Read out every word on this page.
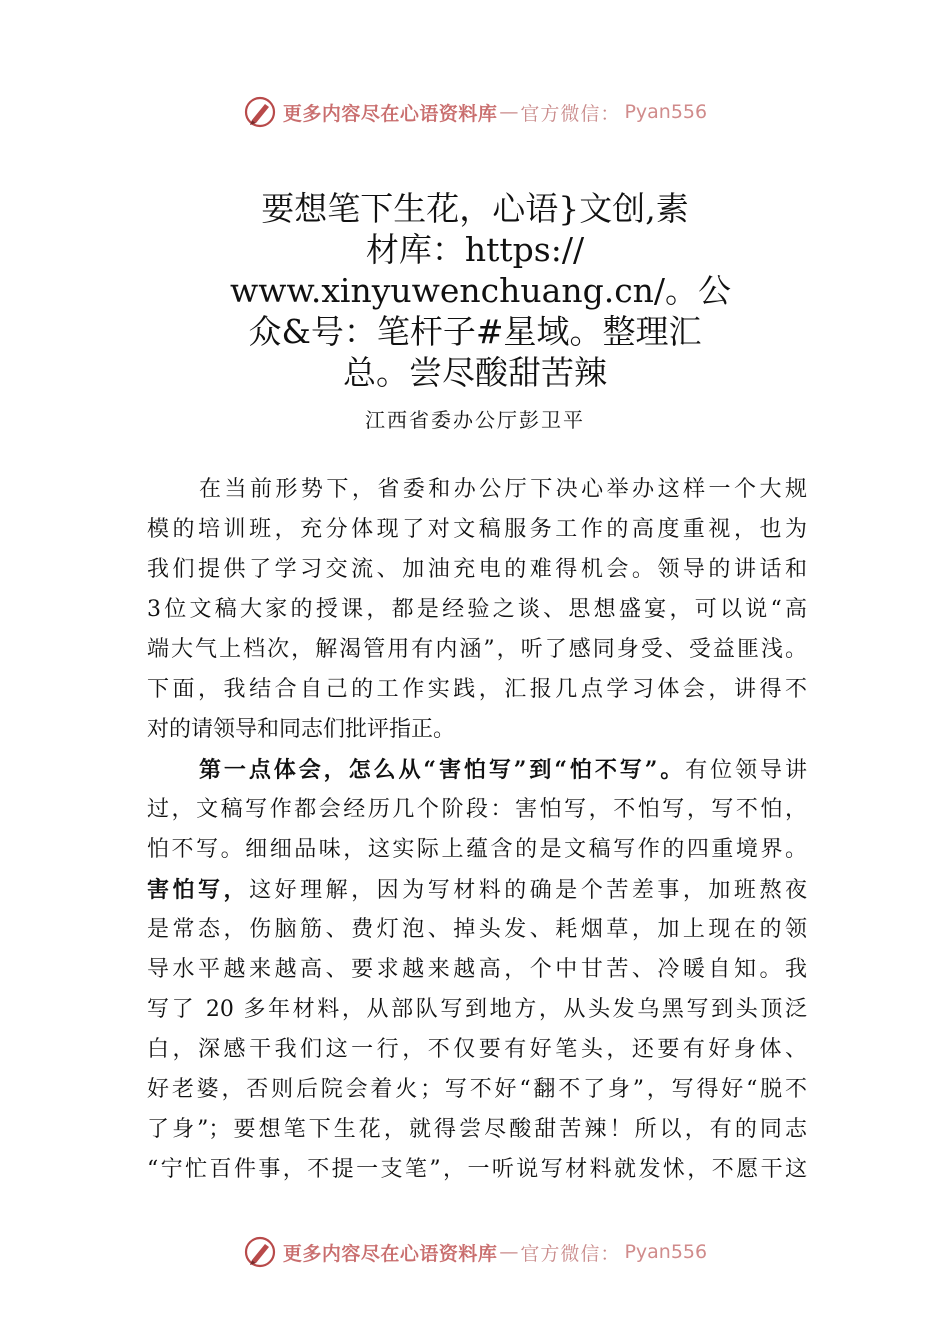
更多内容尽在心语资料库 — 官方微信： Pyan556
要想笔下生花，心语}文创,素
材库：https://
www.xinyuwenchuang.cn/。公
众&号：笔杆子#星域。整理汇
总。尝尽酸甜苦辣
江西省委办公厅彭卫平
在当前形势下，省委和办公厅下决心举办这样一个大规
模的培训班，充分体现了对文稿服务工作的高度重视，也为
我们提供了学习交流、加油充电的难得机会。领导的讲话和
3位文稿大家的授课，都是经验之谈、思想盛宴，可以说“高
端大气上档次，解渴管用有内涵”，听了感同身受、受益匪浅。
下面，我结合自己的工作实践，汇报几点学习体会，讲得不
对的请领导和同志们批评指正。
第一点体会，怎么从“害怕写”到“怕不写”。有位领导讲
过，文稿写作都会经历几个阶段：害怕写，不怕写，写不怕，
怕不写。细细品味，这实际上蕴含的是文稿写作的四重境界。
害怕写，这好理解，因为写材料的确是个苦差事，加班熬夜
是常态，伤脑筋、费灯泡、掉头发、耗烟草，加上现在的领
导水平越来越高、要求越来越高，个中甘苦、冷暖自知。我
写了 20 多年材料，从部队写到地方，从头发乌黑写到头顶泛
白，深感干我们这一行，不仅要有好笔头，还要有好身体、
好老婆，否则后院会着火；写不好“翻不了身”，写得好“脱不
了身”；要想笔下生花，就得尝尽酸甜苦辣！所以，有的同志
“宁忙百件事，不提一支笔”，一听说写材料就发怵，不愿干这
更多内容尽在心语资料库 — 官方微信： Pyan556
